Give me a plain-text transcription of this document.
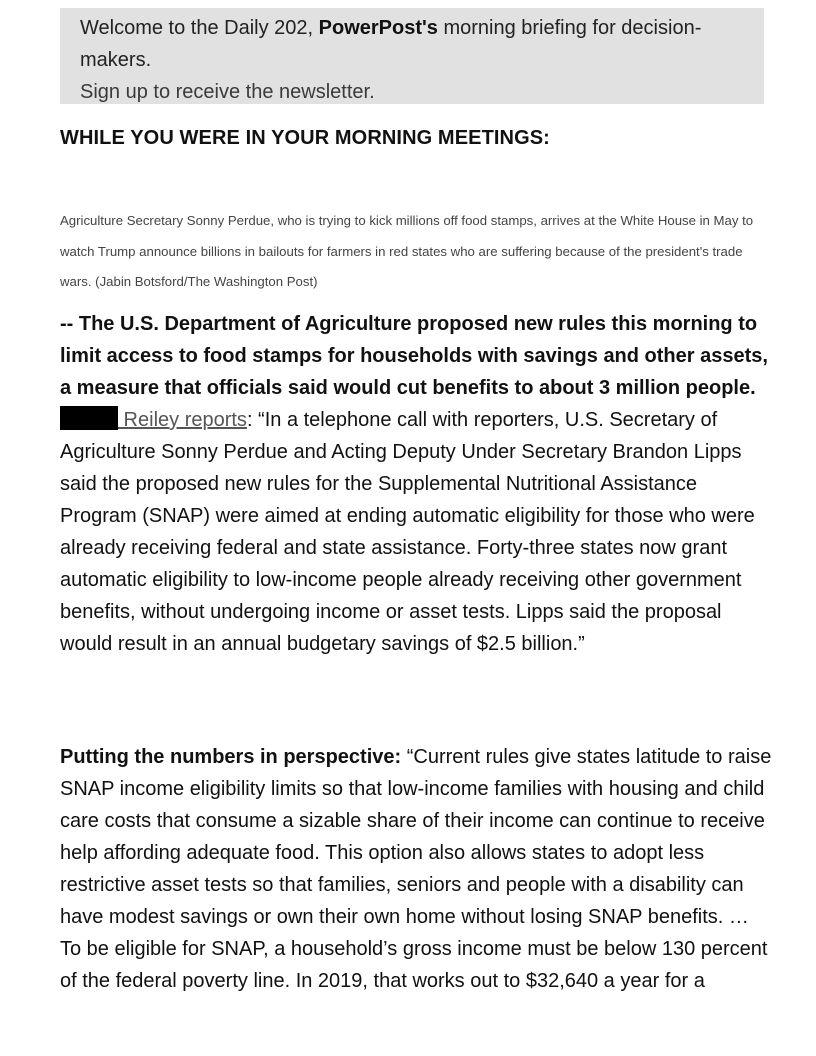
Welcome to the Daily 202, PowerPost's morning briefing for decision-makers.
Sign up to receive the newsletter.
WHILE YOU WERE IN YOUR MORNING MEETINGS:

Agriculture Secretary Sonny Perdue, who is trying to kick millions off food stamps, arrives at the White House in May to watch Trump announce billions in bailouts for farmers in red states who are suffering because of the president's trade wars. (Jabin Botsford/The Washington Post)

-- The U.S. Department of Agriculture proposed new rules this morning to limit access to food stamps for households with savings and other assets, a measure that officials said would cut benefits to about 3 million people.  Reiley reports: “In a telephone call with reporters, U.S. Secretary of Agriculture Sonny Perdue and Acting Deputy Under Secretary Brandon Lipps said the proposed new rules for the Supplemental Nutritional Assistance Program (SNAP) were aimed at ending automatic eligibility for those who were already receiving federal and state assistance. Forty-three states now grant automatic eligibility to low-income people already receiving other government benefits, without undergoing income or asset tests. Lipps said the proposal would result in an annual budgetary savings of $2.5 billion.”

Putting the numbers in perspective: “Current rules give states latitude to raise SNAP income eligibility limits so that low-income families with housing and child care costs that consume a sizable share of their income can continue to receive help affording adequate food. This option also allows states to adopt less restrictive asset tests so that families, seniors and people with a disability can have modest savings or own their own home without losing SNAP benefits. … To be eligible for SNAP, a household’s gross income must be below 130 percent of the federal poverty line. In 2019, that works out to $32,640 a year for a
